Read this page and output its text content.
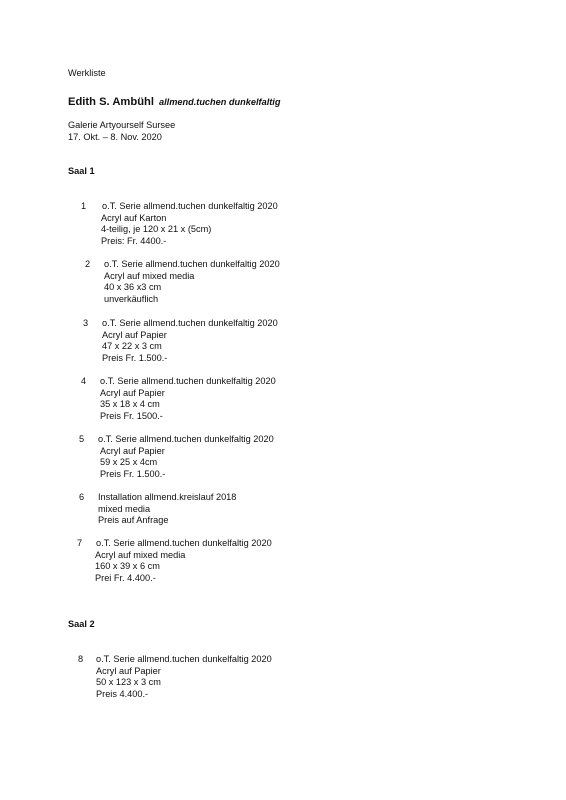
Werkliste
Edith S. Ambühl allmend.tuchen dunkelfaltig
Galerie Artyourself Sursee
17. Okt. – 8. Nov. 2020
Saal 1
1 o.T. Serie allmend.tuchen dunkelfaltig 2020
Acryl auf Karton
4-teilig, je 120 x 21 x (5cm)
Preis: Fr. 4400.-
2 o.T. Serie allmend.tuchen dunkelfaltig 2020
Acryl auf mixed media
40 x 36 x3 cm
unverkäuflich
3 o.T. Serie allmend.tuchen dunkelfaltig 2020
Acryl auf Papier
47 x 22 x 3 cm
Preis Fr. 1.500.-
4 o.T. Serie allmend.tuchen dunkelfaltig 2020
Acryl auf Papier
35 x 18 x 4 cm
Preis Fr. 1500.-
5 o.T. Serie allmend.tuchen dunkelfaltig 2020
Acryl auf Papier
59 x 25 x 4cm
Preis Fr. 1.500.-
6 Installation allmend.kreislauf 2018
mixed media
Preis auf Anfrage
7 o.T. Serie allmend.tuchen dunkelfaltig 2020
Acryl auf mixed media
160 x 39 x 6 cm
Prei Fr. 4.400.-
Saal 2
8 o.T. Serie allmend.tuchen dunkelfaltig 2020
Acryl auf Papier
50 x 123 x 3 cm
Preis 4.400.-
